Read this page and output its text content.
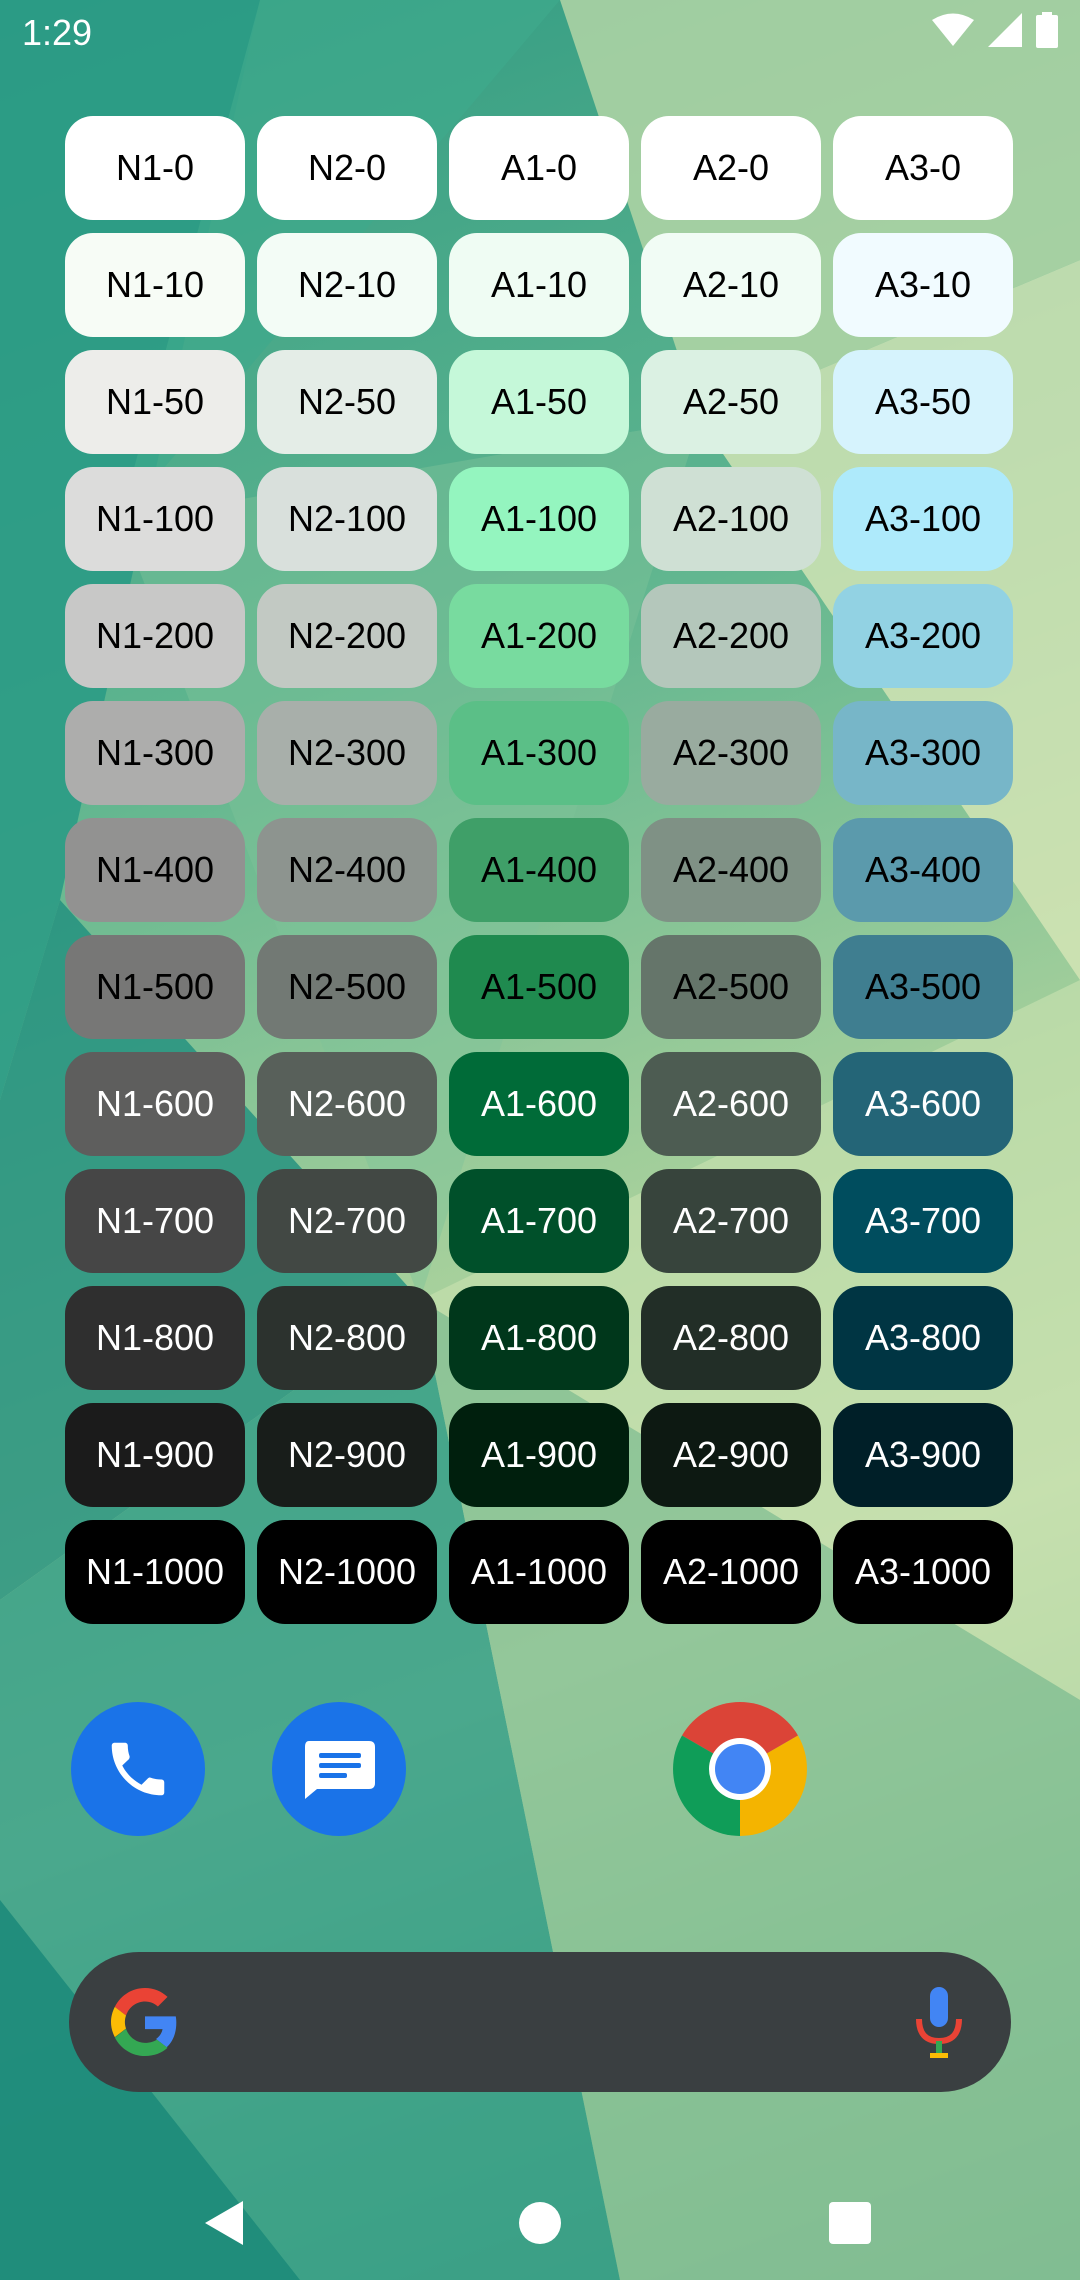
1:29
N1-0	N2-0	A1-0	A2-0	A3-0
N1-10	N2-10	A1-10	A2-10	A3-10
N1-50	N2-50	A1-50	A2-50	A3-50
N1-100	N2-100	A1-100	A2-100	A3-100
N1-200	N2-200	A1-200	A2-200	A3-200
N1-300	N2-300	A1-300	A2-300	A3-300
N1-400	N2-400	A1-400	A2-400	A3-400
N1-500	N2-500	A1-500	A2-500	A3-500
N1-600	N2-600	A1-600	A2-600	A3-600
N1-700	N2-700	A1-700	A2-700	A3-700
N1-800	N2-800	A1-800	A2-800	A3-800
N1-900	N2-900	A1-900	A2-900	A3-900
N1-1000	N2-1000	A1-1000	A2-1000	A3-1000
